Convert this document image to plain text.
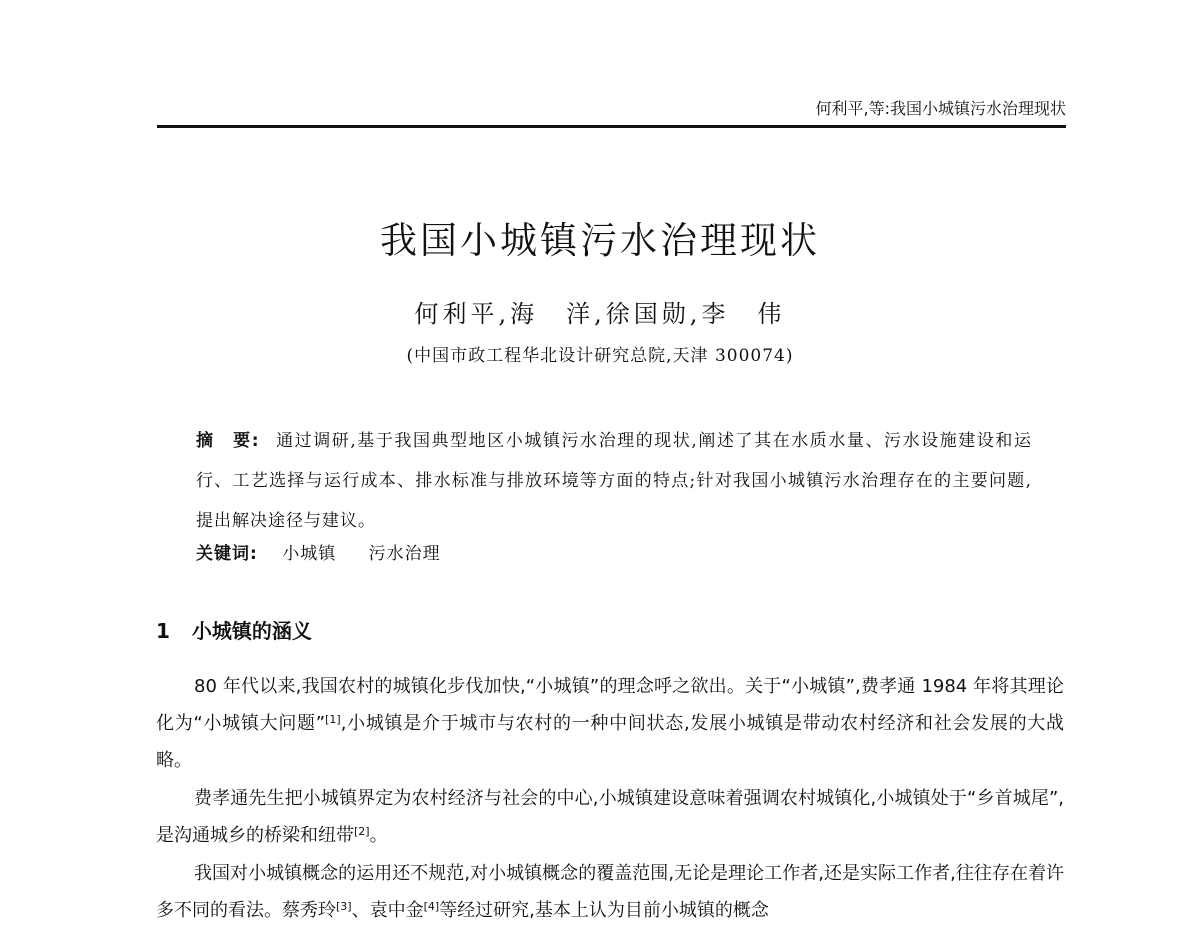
何利平,等:我国小城镇污水治理现状
我国小城镇污水治理现状
何利平,海　洋,徐国勋,李　伟
(中国市政工程华北设计研究总院,天津 300074)
摘　要: 通过调研,基于我国典型地区小城镇污水治理的现状,阐述了其在水质水量、污水设施建设和运行、工艺选择与运行成本、排水标准与排放环境等方面的特点;针对我国小城镇污水治理存在的主要问题,提出解决途径与建议。
关键词: 小城镇 污水治理
1 小城镇的涵义

80 年代以来,我国农村的城镇化步伐加快,“小城镇”的理念呼之欲出。关于“小城镇”,费孝通 1984 年将其理论化为“小城镇大问题”[1],小城镇是介于城市与农村的一种中间状态,发展小城镇是带动农村经济和社会发展的大战略。

费孝通先生把小城镇界定为农村经济与社会的中心,小城镇建设意味着强调农村城镇化,小城镇处于“乡首城尾”,是沟通城乡的桥梁和纽带[2]。

我国对小城镇概念的运用还不规范,对小城镇概念的覆盖范围,无论是理论工作者,还是实际工作者,往往存在着许多不同的看法。蔡秀玲[3]、袁中金[4]等经过研究,基本上认为目前小城镇的概念
